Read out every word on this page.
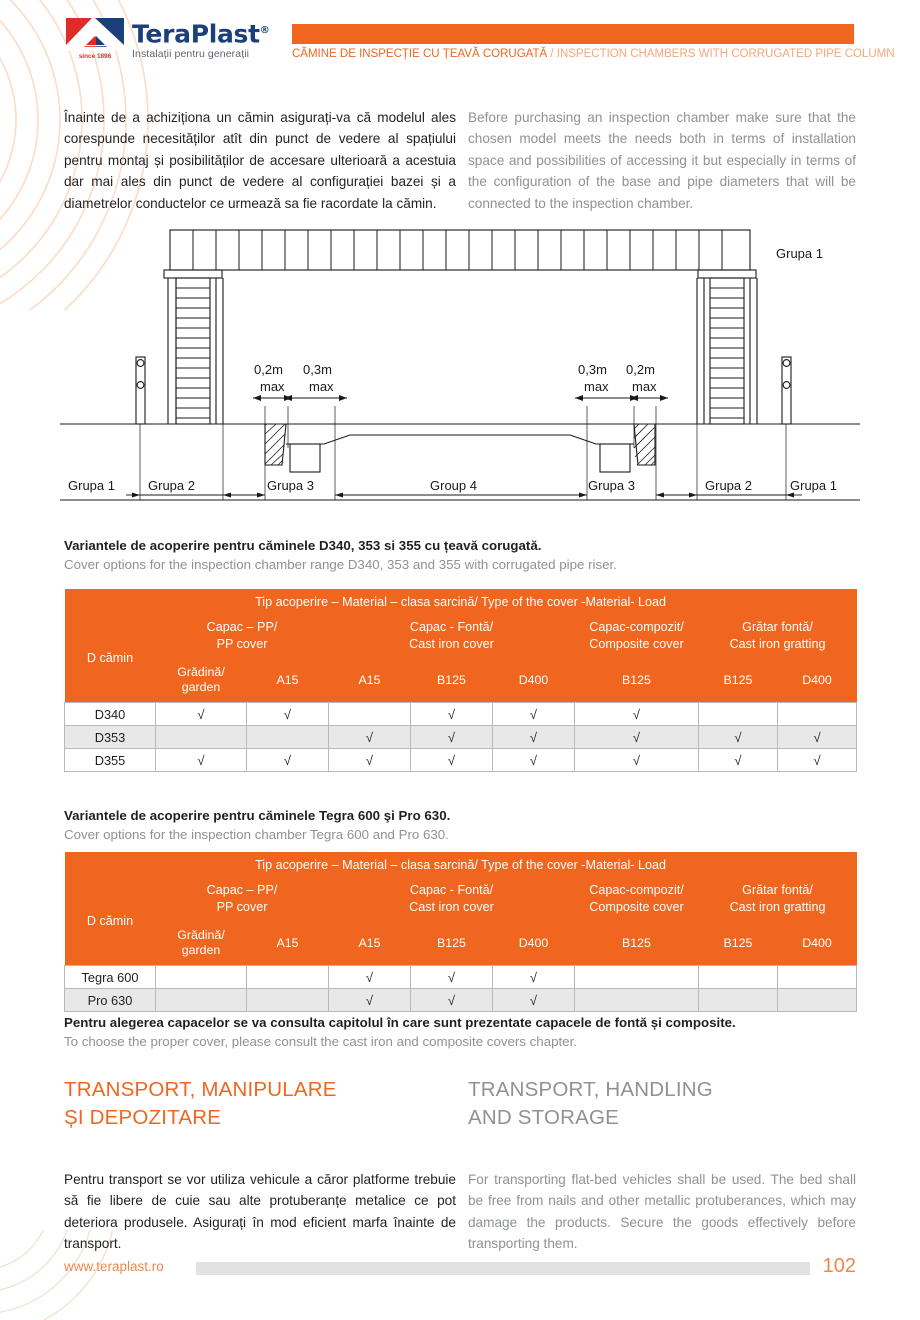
since 1896
TeraPlast®
Instalații pentru generații
INFRASTRUCTURĂ - UTILITĂȚI / INFRASTRUCTURE - UTILITIES
CĂMINE DE INSPECȚIE CU ȚEAVĂ CORUGATĂ / INSPECTION CHAMBERS WITH CORRUGATED PIPE COLUMN

Înainte de a achiziționa un cămin asigurați-va că modelul ales corespunde necesităților atît din punct de vedere al spațiului pentru montaj și posibilităților de accesare ulterioară a acestuia dar mai ales din punct de vedere al configurației bazei și a diametrelor conductelor ce urmează sa fie racordate la cămin.

Before purchasing an inspection chamber make sure that the chosen model meets the needs both in terms of installation space and possibilities of accessing it but especially in terms of the configuration of the base and pipe diameters that will be connected to the inspection chamber.

Grupa 1
0,2m
max
0,3m
max
0,3m
max
0,2m
max
Grupa 1	Grupa 2	Grupa 3	Group 4	Grupa 3	Grupa 2	Grupa 1
Variantele de acoperire pentru căminele D340, 353 si 355 cu țeavă corugată.
Cover options for the inspection chamber range D340, 353 and 355 with corrugated pipe riser.
Tip acoperire – Material – clasa sarcină/ Type of the cover -Material- Load								
D cămin	
Capac – PP/
PP cover

Capac - Fontă/
Cast iron cover

Capac-compozit/
Composite cover

Grătar fontă/
Cast iron gratting

	Grădină/
garden	A15	A15	B125	D400	B125	B125	D400
D340	√	√		√	√	√		
D353			√	√	√	√	√	√
D355	√	√	√	√	√	√	√	√
Variantele de acoperire pentru căminele Tegra 600 şi Pro 630.
Cover options for the inspection chamber Tegra 600 and Pro 630.
Tip acoperire – Material – clasa sarcină/ Type of the cover -Material- Load								
D cămin	
Capac – PP/
PP cover

Capac - Fontă/
Cast iron cover

Capac-compozit/
Composite cover

Grătar fontă/
Cast iron gratting

	Grădină/
garden	A15	A15	B125	D400	B125	B125	D400
Tegra 600			√	√	√			
Pro 630			√	√	√			
Pentru alegerea capacelor se va consulta capitolul în care sunt prezentate capacele de fontă și composite.
To choose the proper cover, please consult the cast iron and composite covers chapter.
TRANSPORT, MANIPULARE
ȘI DEPOZITARE
TRANSPORT, HANDLING
AND STORAGE

Pentru transport se vor utiliza vehicule a căror platforme trebuie să fie libere de cuie sau alte protuberanțe metalice ce pot deteriora produsele. Asigurați în mod eficient marfa înainte de transport.

For transporting flat-bed vehicles shall be used. The bed shall be free from nails and other metallic protuberances, which may damage the products. Secure the goods effectively before transporting them.

www.teraplast.ro	102
